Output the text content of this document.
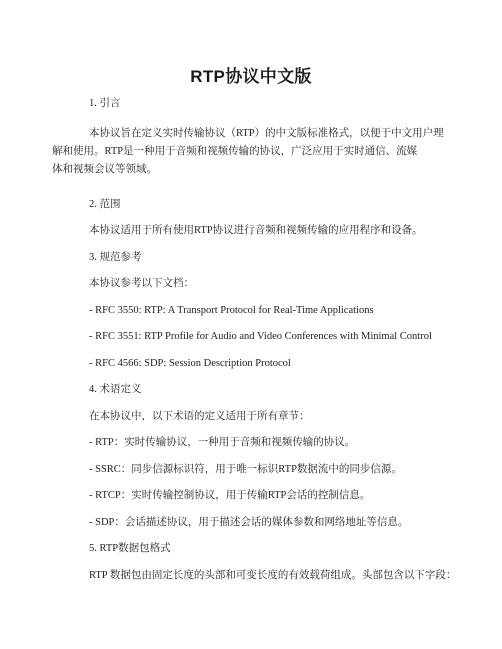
RTP协议中文版
1. 引言
本协议旨在定义实时传输协议（RTP）的中文版标准格式，以便于中文用户理
解和使用。RTP是一种用于音频和视频传输的协议，广泛应用于实时通信、流媒
体和视频会议等领域。
2. 范围
本协议适用于所有使用RTP协议进行音频和视频传输的应用程序和设备。
3. 规范参考
本协议参考以下文档：
- RFC 3550: RTP: A Transport Protocol for Real-Time Applications
- RFC 3551: RTP Profile for Audio and Video Conferences with Minimal Control
- RFC 4566: SDP: Session Description Protocol
4. 术语定义
在本协议中，以下术语的定义适用于所有章节：
- RTP：实时传输协议，一种用于音频和视频传输的协议。
- SSRC：同步信源标识符，用于唯一标识RTP数据流中的同步信源。
- RTCP：实时传输控制协议，用于传输RTP会话的控制信息。
- SDP：会话描述协议，用于描述会话的媒体参数和网络地址等信息。
5. RTP数据包格式
RTP 数据包由固定长度的头部和可变长度的有效载荷组成。头部包含以下字段：
